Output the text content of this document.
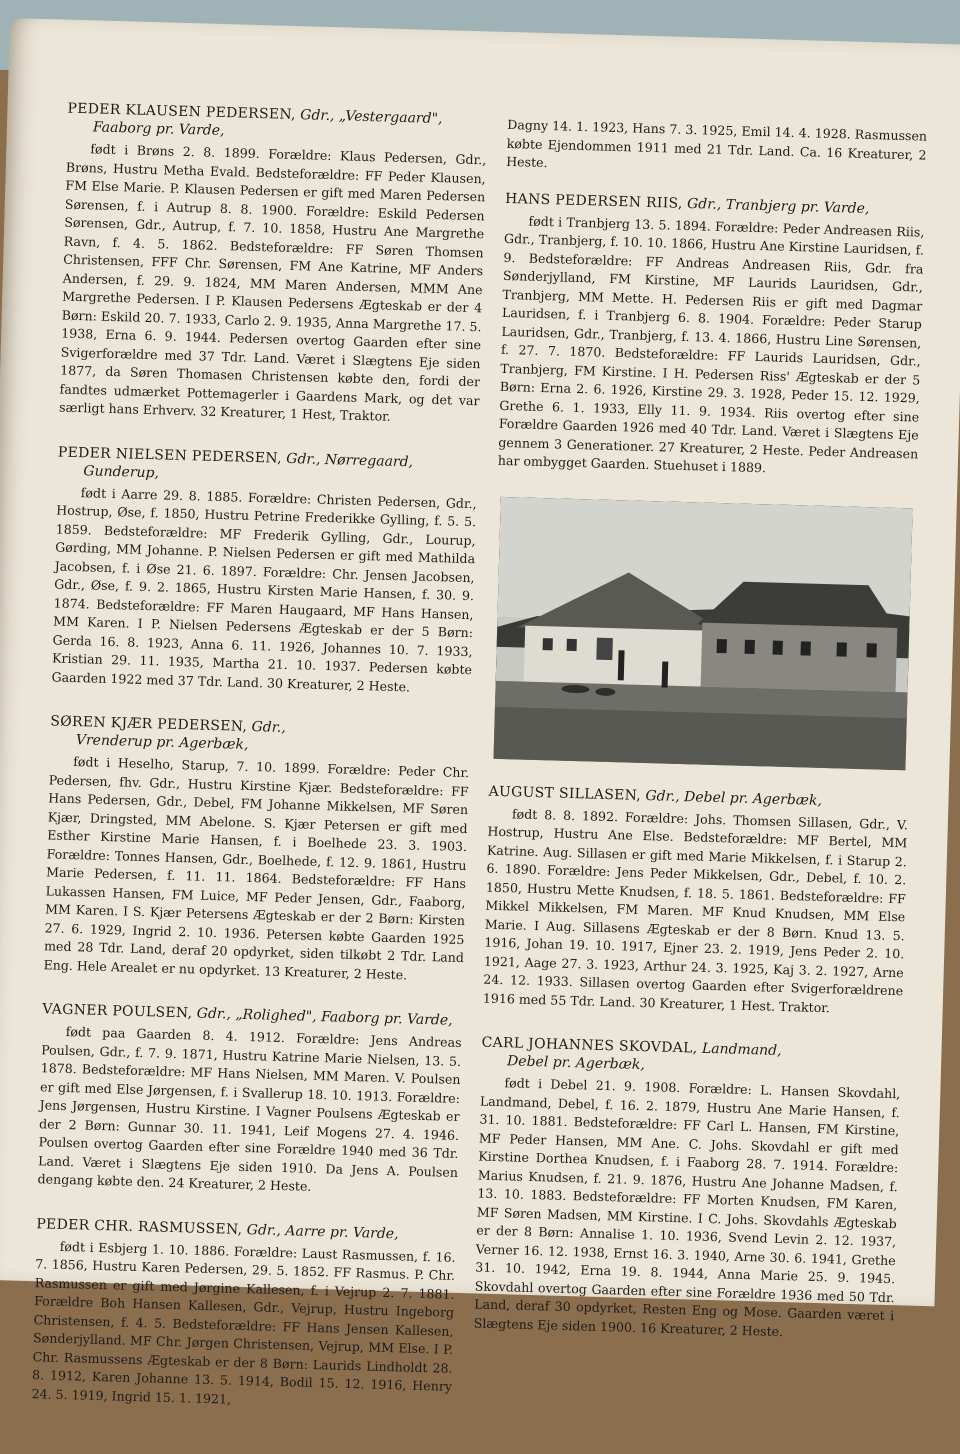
PEDER KLAUSEN PEDERSEN, Gdr., „Vestergaard",
Faaborg pr. Varde,

født i Brøns 2. 8. 1899. Forældre: Klaus Pedersen, Gdr., Brøns, Hustru Metha Evald. Bedsteforældre: FF Peder Klausen, FM Else Marie. P. Klausen Pedersen er gift med Maren Pedersen Sørensen, f. i Autrup 8. 8. 1900. Forældre: Eskild Pedersen Sørensen, Gdr., Autrup, f. 7. 10. 1858, Hustru Ane Margrethe Ravn, f. 4. 5. 1862. Bedsteforældre: FF Søren Thomsen Christensen, FFF Chr. Sørensen, FM Ane Katrine, MF Anders Andersen, f. 29. 9. 1824, MM Maren Andersen, MMM Ane Margrethe Pedersen. I P. Klausen Pedersens Ægteskab er der 4 Børn: Eskild 20. 7. 1933, Carlo 2. 9. 1935, Anna Margrethe 17. 5. 1938, Erna 6. 9. 1944. Pedersen overtog Gaarden efter sine Svigerforældre med 37 Tdr. Land. Været i Slægtens Eje siden 1877, da Søren Thomasen Christensen købte den, fordi der fandtes udmærket Pottemagerler i Gaardens Mark, og det var særligt hans Erhverv. 32 Kreaturer, 1 Hest, Traktor.

PEDER NIELSEN PEDERSEN, Gdr., Nørregaard,
Gunderup,

født i Aarre 29. 8. 1885. Forældre: Christen Pedersen, Gdr., Hostrup, Øse, f. 1850, Hustru Petrine Frederikke Gylling, f. 5. 5. 1859. Bedsteforældre: MF Frederik Gylling, Gdr., Lourup, Gørding, MM Johanne. P. Nielsen Pedersen er gift med Mathilda Jacobsen, f. i Øse 21. 6. 1897. Forældre: Chr. Jensen Jacobsen, Gdr., Øse, f. 9. 2. 1865, Hustru Kirsten Marie Hansen, f. 30. 9. 1874. Bedsteforældre: FF Maren Haugaard, MF Hans Hansen, MM Karen. I P. Nielsen Pedersens Ægteskab er der 5 Børn: Gerda 16. 8. 1923, Anna 6. 11. 1926, Johannes 10. 7. 1933, Kristian 29. 11. 1935, Martha 21. 10. 1937. Pedersen købte Gaarden 1922 med 37 Tdr. Land. 30 Kreaturer, 2 Heste.

SØREN KJÆR PEDERSEN, Gdr.,
Vrenderup pr. Agerbæk,

født i Heselho, Starup, 7. 10. 1899. Forældre: Peder Chr. Pedersen, fhv. Gdr., Hustru Kirstine Kjær. Bedsteforældre: FF Hans Pedersen, Gdr., Debel, FM Johanne Mikkelsen, MF Søren Kjær, Dringsted, MM Abelone. S. Kjær Petersen er gift med Esther Kirstine Marie Hansen, f. i Boelhede 23. 3. 1903. Forældre: Tonnes Hansen, Gdr., Boelhede, f. 12. 9. 1861, Hustru Marie Pedersen, f. 11. 11. 1864. Bedsteforældre: FF Hans Lukassen Hansen, FM Luice, MF Peder Jensen, Gdr., Faaborg, MM Karen. I S. Kjær Petersens Ægteskab er der 2 Børn: Kirsten 27. 6. 1929, Ingrid 2. 10. 1936. Petersen købte Gaarden 1925 med 28 Tdr. Land, deraf 20 opdyrket, siden tilkøbt 2 Tdr. Land Eng. Hele Arealet er nu opdyrket. 13 Kreaturer, 2 Heste.

VAGNER POULSEN, Gdr., „Rolighed", Faaborg pr. Varde,

født paa Gaarden 8. 4. 1912. Forældre: Jens Andreas Poulsen, Gdr., f. 7. 9. 1871, Hustru Katrine Marie Nielsen, 13. 5. 1878. Bedsteforældre: MF Hans Nielsen, MM Maren. V. Poulsen er gift med Else Jørgensen, f. i Svallerup 18. 10. 1913. Forældre: Jens Jørgensen, Hustru Kirstine. I Vagner Poulsens Ægteskab er der 2 Børn: Gunnar 30. 11. 1941, Leif Mogens 27. 4. 1946. Poulsen overtog Gaarden efter sine Forældre 1940 med 36 Tdr. Land. Været i Slægtens Eje siden 1910. Da Jens A. Poulsen dengang købte den. 24 Kreaturer, 2 Heste.

PEDER CHR. RASMUSSEN, Gdr., Aarre pr. Varde,

født i Esbjerg 1. 10. 1886. Forældre: Laust Rasmussen, f. 16. 7. 1856, Hustru Karen Pedersen, 29. 5. 1852. FF Rasmus. P. Chr. Rasmussen er gift med Jørgine Kallesen, f. i Vejrup 2. 7. 1881. Forældre Boh Hansen Kallesen, Gdr., Vejrup, Hustru Ingeborg Christensen, f. 4. 5. Bedsteforældre: FF Hans Jensen Kallesen, Sønderjylland. MF Chr. Jørgen Christensen, Vejrup, MM Else. I P. Chr. Rasmussens Ægteskab er der 8 Børn: Laurids Lindholdt 28. 8. 1912, Karen Johanne 13. 5. 1914, Bodil 15. 12. 1916, Henry 24. 5. 1919, Ingrid 15. 1. 1921,

Dagny 14. 1. 1923, Hans 7. 3. 1925, Emil 14. 4. 1928. Rasmussen købte Ejendommen 1911 med 21 Tdr. Land. Ca. 16 Kreaturer, 2 Heste.

HANS PEDERSEN RIIS, Gdr., Tranbjerg pr. Varde,

født i Tranbjerg 13. 5. 1894. Forældre: Peder Andreasen Riis, Gdr., Tranbjerg, f. 10. 10. 1866, Hustru Ane Kirstine Lauridsen, f. 9. Bedsteforældre: FF Andreas Andreasen Riis, Gdr. fra Sønderjylland, FM Kirstine, MF Laurids Lauridsen, Gdr., Tranbjerg, MM Mette. H. Pedersen Riis er gift med Dagmar Lauridsen, f. i Tranbjerg 6. 8. 1904. Forældre: Peder Starup Lauridsen, Gdr., Tranbjerg, f. 13. 4. 1866, Hustru Line Sørensen, f. 27. 7. 1870. Bedsteforældre: FF Laurids Lauridsen, Gdr., Tranbjerg, FM Kirstine. I H. Pedersen Riss' Ægteskab er der 5 Børn: Erna 2. 6. 1926, Kirstine 29. 3. 1928, Peder 15. 12. 1929, Grethe 6. 1. 1933, Elly 11. 9. 1934. Riis overtog efter sine Forældre Gaarden 1926 med 40 Tdr. Land. Været i Slægtens Eje gennem 3 Generationer. 27 Kreaturer, 2 Heste. Peder Andreasen har ombygget Gaarden. Stuehuset i 1889.

AUGUST SILLASEN, Gdr., Debel pr. Agerbæk,

født 8. 8. 1892. Forældre: Johs. Thomsen Sillasen, Gdr., V. Hostrup, Hustru Ane Else. Bedsteforældre: MF Bertel, MM Katrine. Aug. Sillasen er gift med Marie Mikkelsen, f. i Starup 2. 6. 1890. Forældre: Jens Peder Mikkelsen, Gdr., Debel, f. 10. 2. 1850, Hustru Mette Knudsen, f. 18. 5. 1861. Bedsteforældre: FF Mikkel Mikkelsen, FM Maren. MF Knud Knudsen, MM Else Marie. I Aug. Sillasens Ægteskab er der 8 Børn. Knud 13. 5. 1916, Johan 19. 10. 1917, Ejner 23. 2. 1919, Jens Peder 2. 10. 1921, Aage 27. 3. 1923, Arthur 24. 3. 1925, Kaj 3. 2. 1927, Arne 24. 12. 1933. Sillasen overtog Gaarden efter Svigerforældrene 1916 med 55 Tdr. Land. 30 Kreaturer, 1 Hest. Traktor.

CARL JOHANNES SKOVDAL, Landmand,
Debel pr. Agerbæk,

født i Debel 21. 9. 1908. Forældre: L. Hansen Skovdahl, Landmand, Debel, f. 16. 2. 1879, Hustru Ane Marie Hansen, f. 31. 10. 1881. Bedsteforældre: FF Carl L. Hansen, FM Kirstine, MF Peder Hansen, MM Ane. C. Johs. Skovdahl er gift med Kirstine Dorthea Knudsen, f. i Faaborg 28. 7. 1914. Forældre: Marius Knudsen, f. 21. 9. 1876, Hustru Ane Johanne Madsen, f. 13. 10. 1883. Bedsteforældre: FF Morten Knudsen, FM Karen, MF Søren Madsen, MM Kirstine. I C. Johs. Skovdahls Ægteskab er der 8 Børn: Annalise 1. 10. 1936, Svend Levin 2. 12. 1937, Verner 16. 12. 1938, Ernst 16. 3. 1940, Arne 30. 6. 1941, Grethe 31. 10. 1942, Erna 19. 8. 1944, Anna Marie 25. 9. 1945. Skovdahl overtog Gaarden efter sine Forældre 1936 med 50 Tdr. Land, deraf 30 opdyrket, Resten Eng og Mose. Gaarden været i Slægtens Eje siden 1900. 16 Kreaturer, 2 Heste.
